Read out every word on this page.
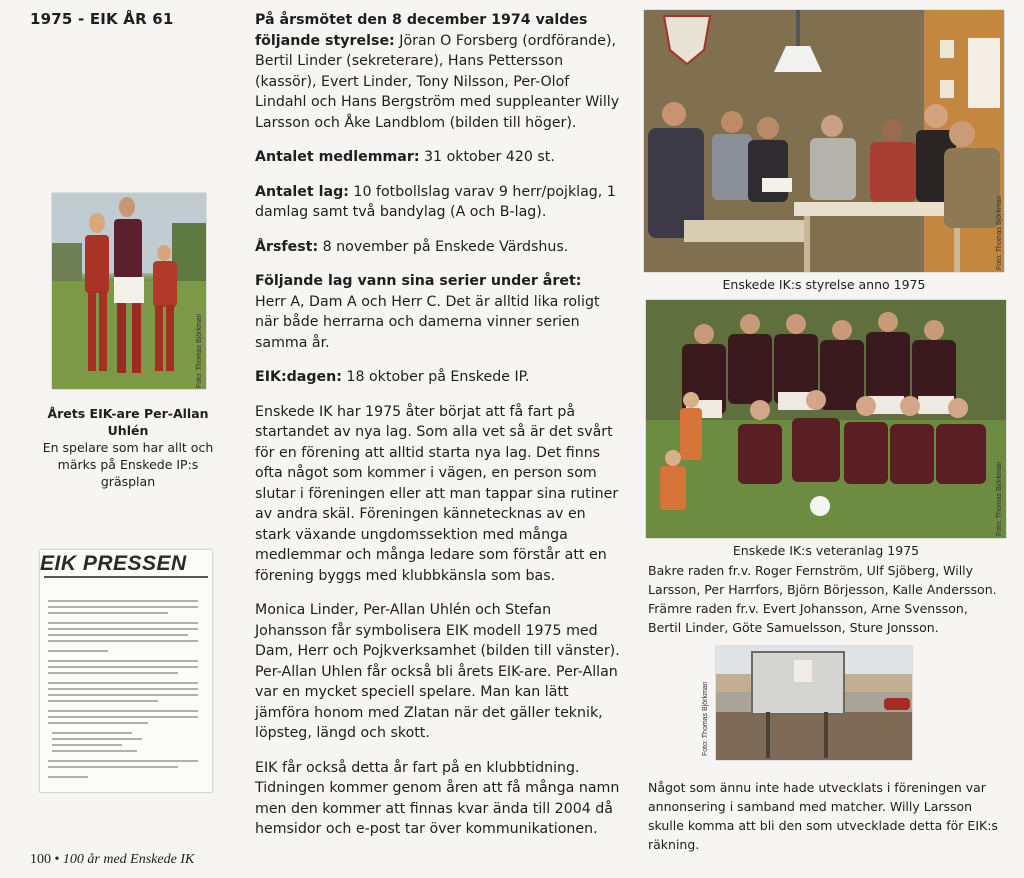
1975 - EIK ÅR 61	På årsmötet den 8 december 1974 valdes följande styrelse: Jöran O Forsberg (ordförande), Bertil Linder (sekreterare), Hans Pettersson (kassör), Evert Linder, Tony Nilsson, Per-Olof Lindahl och Hans Bergström med suppleanter Willy Larsson och Åke Landblom (bilden till höger).

Antalet medlemmar: 31 oktober 420 st.

Antalet lag: 10 fotbollslag varav 9 herr/pojklag, 1 damlag samt två bandylag (A och B-lag).

Årsfest: 8 november på Enskede Värdshus.

Följande lag vann sina serier under året:
Herr A, Dam A och Herr C. Det är alltid lika roligt när både herrarna och damerna vinner serien samma år.

EIK:dagen: 18 oktober på Enskede IP.

Enskede IK har 1975 åter börjat att få fart på startandet av nya lag. Som alla vet så är det svårt för en förening att alltid starta nya lag. Det finns ofta något som kommer i vägen, en person som slutar i föreningen eller att man tappar sina rutiner av andra skäl. Föreningen kännetecknas av en stark växande ungdomssektion med många medlemmar och många ledare som förstår att en förening byggs med klubbkänsla som bas.

Monica Linder, Per-Allan Uhlén och Stefan Johansson får symbolisera EIK modell 1975 med Dam, Herr och Pojkverksamhet (bilden till vänster). Per-Allan Uhlen får också bli årets EIK-are. Per-Allan var en mycket speciell spelare. Man kan lätt jämföra honom med Zlatan när det gäller teknik, löpsteg, längd och skott.

EIK får också detta år fart på en klubbtidning. Tidningen kommer genom åren att få många namn men den kommer att finnas kvar ända till 2004 då hemsidor och e-post tar över kommunikationen.

Foto: Thomas Björkman
Årets EIK-are Per-Allan Uhlén
En spelare som har allt och märks på Enskede IP:s gräsplan
EIK PRESSEN
Foto: Thomas Björkman
Enskede IK:s styrelse anno 1975
Foto: Thomas Björkman
Enskede IK:s veteranlag 1975
Bakre raden fr.v. Roger Fernström, Ulf Sjöberg, Willy Larsson, Per Harrfors, Björn Börjesson, Kalle Andersson. Främre raden fr.v. Evert Johansson, Arne Svensson, Bertil Linder, Göte Samuelsson, Sture Jonsson.
Foto: Thomas Björkman
Något som ännu inte hade utvecklats i föreningen var annonsering i samband med matcher. Willy Larsson skulle komma att bli den som utvecklade detta för EIK:s räkning.
100 • 100 år med Enskede IK
